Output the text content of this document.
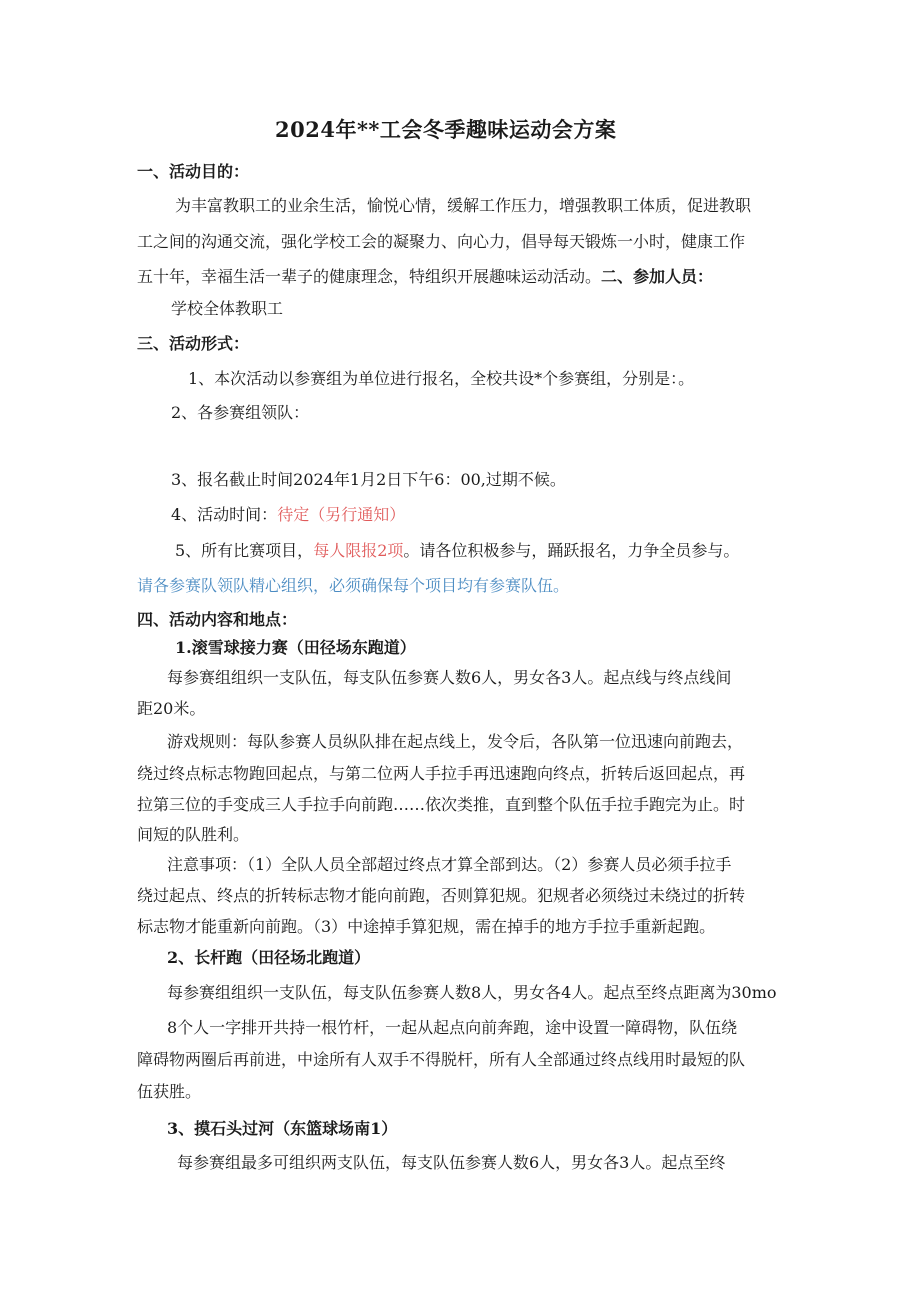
2024年**工会冬季趣味运动会方案
一、活动目的：
为丰富教职工的业余生活，愉悦心情，缓解工作压力，增强教职工体质，促进教职
工之间的沟通交流，强化学校工会的凝聚力、向心力，倡导每天锻炼一小时，健康工作
五十年，幸福生活一辈子的健康理念，特组织开展趣味运动活动。二、参加人员：
学校全体教职工
三、活动形式：
1、本次活动以参赛组为单位进行报名，全校共设*个参赛组，分别是：。
2、各参赛组领队：
3、报名截止时间2024年1月2日下午6：00,过期不候。
4、活动时间：待定（另行通知）
5、所有比赛项目，每人限报2项。请各位积极参与，踊跃报名，力争全员参与。
请各参赛队领队精心组织，必须确保每个项目均有参赛队伍。
四、活动内容和地点：
1.滚雪球接力赛（田径场东跑道）
每参赛组组织一支队伍，每支队伍参赛人数6人，男女各3人。起点线与终点线间
距20米。
游戏规则：每队参赛人员纵队排在起点线上，发令后，各队第一位迅速向前跑去，
绕过终点标志物跑回起点，与第二位两人手拉手再迅速跑向终点，折转后返回起点，再
拉第三位的手变成三人手拉手向前跑……依次类推，直到整个队伍手拉手跑完为止。时
间短的队胜利。
注意事项：（1）全队人员全部超过终点才算全部到达。（2）参赛人员必须手拉手
绕过起点、终点的折转标志物才能向前跑，否则算犯规。犯规者必须绕过未绕过的折转
标志物才能重新向前跑。（3）中途掉手算犯规，需在掉手的地方手拉手重新起跑。
2、长杆跑（田径场北跑道）
每参赛组组织一支队伍，每支队伍参赛人数8人，男女各4人。起点至终点距离为30mo
8个人一字排开共持一根竹杆，一起从起点向前奔跑，途中设置一障碍物，队伍绕
障碍物两圈后再前进，中途所有人双手不得脱杆，所有人全部通过终点线用时最短的队
伍获胜。
3、摸石头过河（东篮球场南1）
每参赛组最多可组织两支队伍，每支队伍参赛人数6人，男女各3人。起点至终
